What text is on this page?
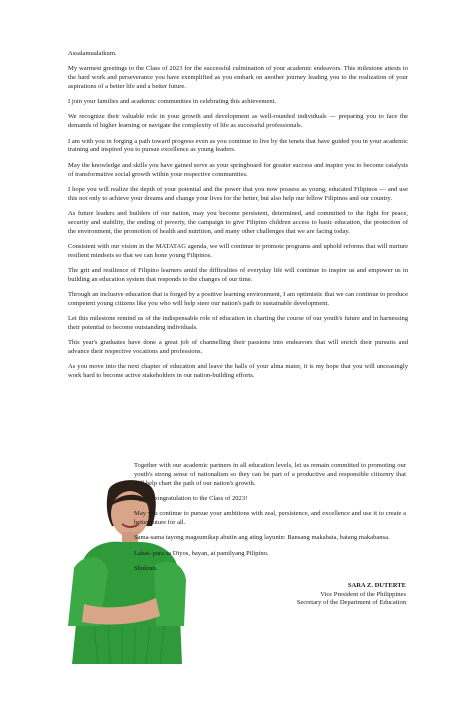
Assalamualaikum.

My warmest greetings to the Class of 2023 for the successful culmination of your academic endeavors. This milestone attests to the hard work and perseverance you have exemplified as you embark on another journey leading you to the realization of your aspirations of a better life and a better future.

I join your families and academic communities in celebrating this achievement.

We recognize their valuable role in your growth and development as well-rounded individuals — preparing you to face the demands of higher learning or navigate the complexity of life as successful professionals.

I am with you in forging a path toward progress even as you continue to live by the tenets that have guided you in your academic training and inspired you to pursue excellence as young leaders.

May the knowledge and skills you have gained serve as your springboard for greater success and inspire you to become catalysts of transformative social growth within your respective communities.

I hope you will realize the depth of your potential and the power that you now possess as young, educated Filipinos — and use this not only to achieve your dreams and change your lives for the better, but also help our fellow Filipinos and our country.

As future leaders and builders of our nation, may you become persistent, determined, and committed to the fight for peace, security and stability, the ending of poverty, the campaign to give Filipino children access to basic education, the protection of the environment, the promotion of health and nutrition, and many other challenges that we are facing today.

Consistent with our vision in the MATATAG agenda, we will continue to promote programs and uphold reforms that will nurture resilient mindsets so that we can hone young Filipinos.

The grit and resilience of Filipino learners amid the difficulties of everyday life will continue to inspire us and empower us in building an education system that responds to the changes of our time.

Through an inclusive education that is forged by a positive learning environment, I am optimistic that we can continue to produce competent young citizens like you who will help steer our nation's path to sustainable development.

Let this milestone remind us of the indispensable role of education in charting the course of our youth's future and in harnessing their potential to become outstanding individuals.

This year's graduates have done a great job of channelling their passions into endeavors that will enrich their pursuits and advance their respective vocations and professions.

As you move into the next chapter of education and leave the halls of your alma mater, it is my hope that you will unceasingly work hard to become active stakeholders in our nation-building efforts.

Together with our academic partners in all education levels, let us remain committed to promoting our youth's strong sense of nationalism so they can be part of a productive and responsible citizenry that will help chart the path of our nation's growth.

Again, congratulation to the Class of 2023!

May you continue to pursue your ambitions with zeal, persistence, and excellence and use it to create a better future for all.

Sama-sama tayong magsumikap abutin ang ating layunin: Bansang makabata, batang makabansa.

Lahat- para sa Diyos, bayan, at pamilyang Pilipino.

Shukran.

SARA Z. DUTERTE
Vice President of the Philippines
Secretary of the Department of Education
